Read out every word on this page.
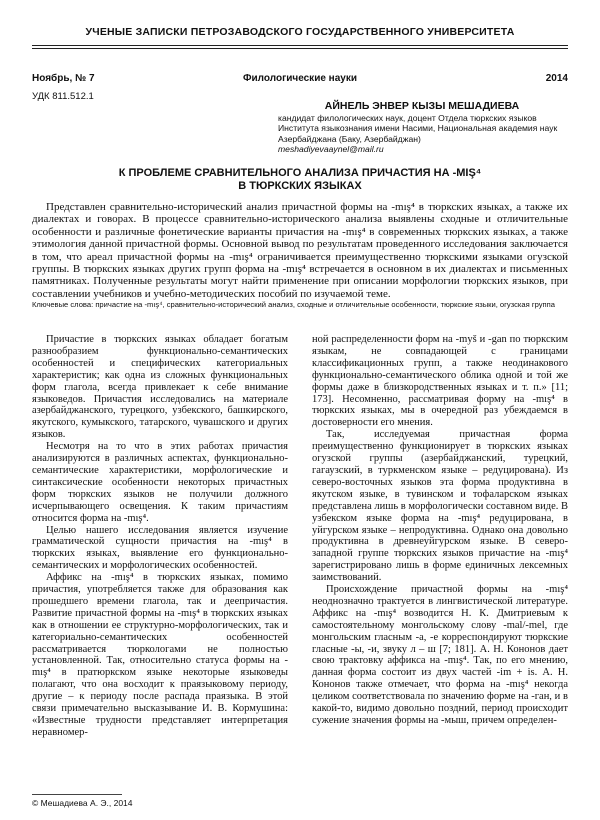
УЧЕНЫЕ ЗАПИСКИ ПЕТРОЗАВОДСКОГО ГОСУДАРСТВЕННОГО УНИВЕРСИТЕТА
Ноябрь, № 7	Филологические науки	2014
УДК 811.512.1
АЙНЕЛЬ ЭНВЕР КЫЗЫ МЕШАДИЕВА
кандидат филологических наук, доцент Отдела тюркских языков Института языкознания имени Насими, Национальная академия наук Азербайджана (Баку, Азербайджан)
meshadiyevaaynel@mail.ru
К ПРОБЛЕМЕ СРАВНИТЕЛЬНОГО АНАЛИЗА ПРИЧАСТИЯ НА -MIŞ⁴
В ТЮРКСКИХ ЯЗЫКАХ

Представлен сравнительно-исторический анализ причастной формы на -mış⁴ в тюркских языках, а также их диалектах и говорах. В процессе сравнительно-исторического анализа выявлены сходные и отличительные особенности и различные фонетические варианты причастия на -mış⁴ в современных тюркских языках, а также этимология данной причастной формы. Основной вывод по результатам проведенного исследования заключается в том, что ареал причастной формы на -mış⁴ ограничивается преимущественно тюркскими языками огузской группы. В тюркских языках других групп форма на -mış⁴ встречается в основном в их диалектах и письменных памятниках. Полученные результаты могут найти применение при описании морфологии тюркских языков, при составлении учебников и учебно-методических пособий по изучаемой теме.

Ключевые слова: причастие на -mış⁴, сравнительно-исторический анализ, сходные и отличительные особенности, тюркские языки, огузская группа

Причастие в тюркских языках обладает богатым разнообразием функционально-семантических особенностей и специфических категориальных характеристик; как одна из сложных функциональных форм глагола, всегда привлекает к себе внимание языковедов. Причастия исследовались на материале азербайджанского, турецкого, узбекского, башкирского, якутского, кумыкского, татарского, чувашского и других языков.

Несмотря на то что в этих работах причастия анализируются в различных аспектах, функционально-семантические характеристики, морфологические и синтаксические особенности некоторых причастных форм тюркских языков не получили должного исчерпывающего освещения. К таким причастиям относится форма на -mış⁴.

Целью нашего исследования является изучение грамматической сущности причастия на -mış⁴ в тюркских языках, выявление его функционально-семантических и морфологических особенностей.

Аффикс на -mış⁴ в тюркских языках, помимо причастия, употребляется также для образования как прошедшего времени глагола, так и деепричастия. Развитие причастной формы на -mış⁴ в тюркских языках как в отношении ее структурно-морфологических, так и категориально-семантических особенностей рассматривается тюркологами не полностью установленной. Так, относительно статуса формы на -mış⁴ в пратюркском языке некоторые языковеды полагают, что она восходит к праязыковому периоду, другие – к периоду после распада праязыка. В этой связи примечательно высказывание И. В. Кормушина: «Известные трудности представляет интерпретация неравномер-

ной распределенности форм на -myš и -gan по тюркским языкам, не совпадающей с границами классификационных групп, а также неодинакового функционально-семантического облика одной и той же формы даже в близкородственных языках и т. п.» [11; 173]. Несомненно, рассматривая форму на -mış⁴ в тюркских языках, мы в очередной раз убеждаемся в достоверности его мнения.

Так, исследуемая причастная форма преимущественно функционирует в тюркских языках огузской группы (азербайджанский, турецкий, гагаузский, в туркменском языке – редуцирована). Из северо-восточных языков эта форма продуктивна в якутском языке, в тувинском и тофаларском языках представлена лишь в морфологически составном виде. В узбекском языке форма на -mış⁴ редуцирована, в уйгурском языке – непродуктивна. Однако она довольно продуктивна в древнеуйгурском языке. В северо-западной группе тюркских языков причастие на -mış⁴ зарегистрировано лишь в форме единичных лексемных заимствований.

Происхождение причастной формы на -mış⁴ неоднозначно трактуется в лингвистической литературе. Аффикс на -mış⁴ возводится Н. К. Дмитриевым к самостоятельному монгольскому слову -mal/-mel, где монгольским гласным -a, -e корреспондируют тюркские гласные -ы, -и, звуку л – ш [7; 181]. А. Н. Кононов дает свою трактовку аффикса на -mış⁴. Так, по его мнению, данная форма состоит из двух частей -im + is. А. Н. Кононов также отмечает, что форма на -mış⁴ некогда целиком соответствовала по значению форме на -ган, и в какой-то, видимо довольно поздний, период происходит сужение значения формы на -мыш, причем определен-

© Мешадиева А. Э., 2014
